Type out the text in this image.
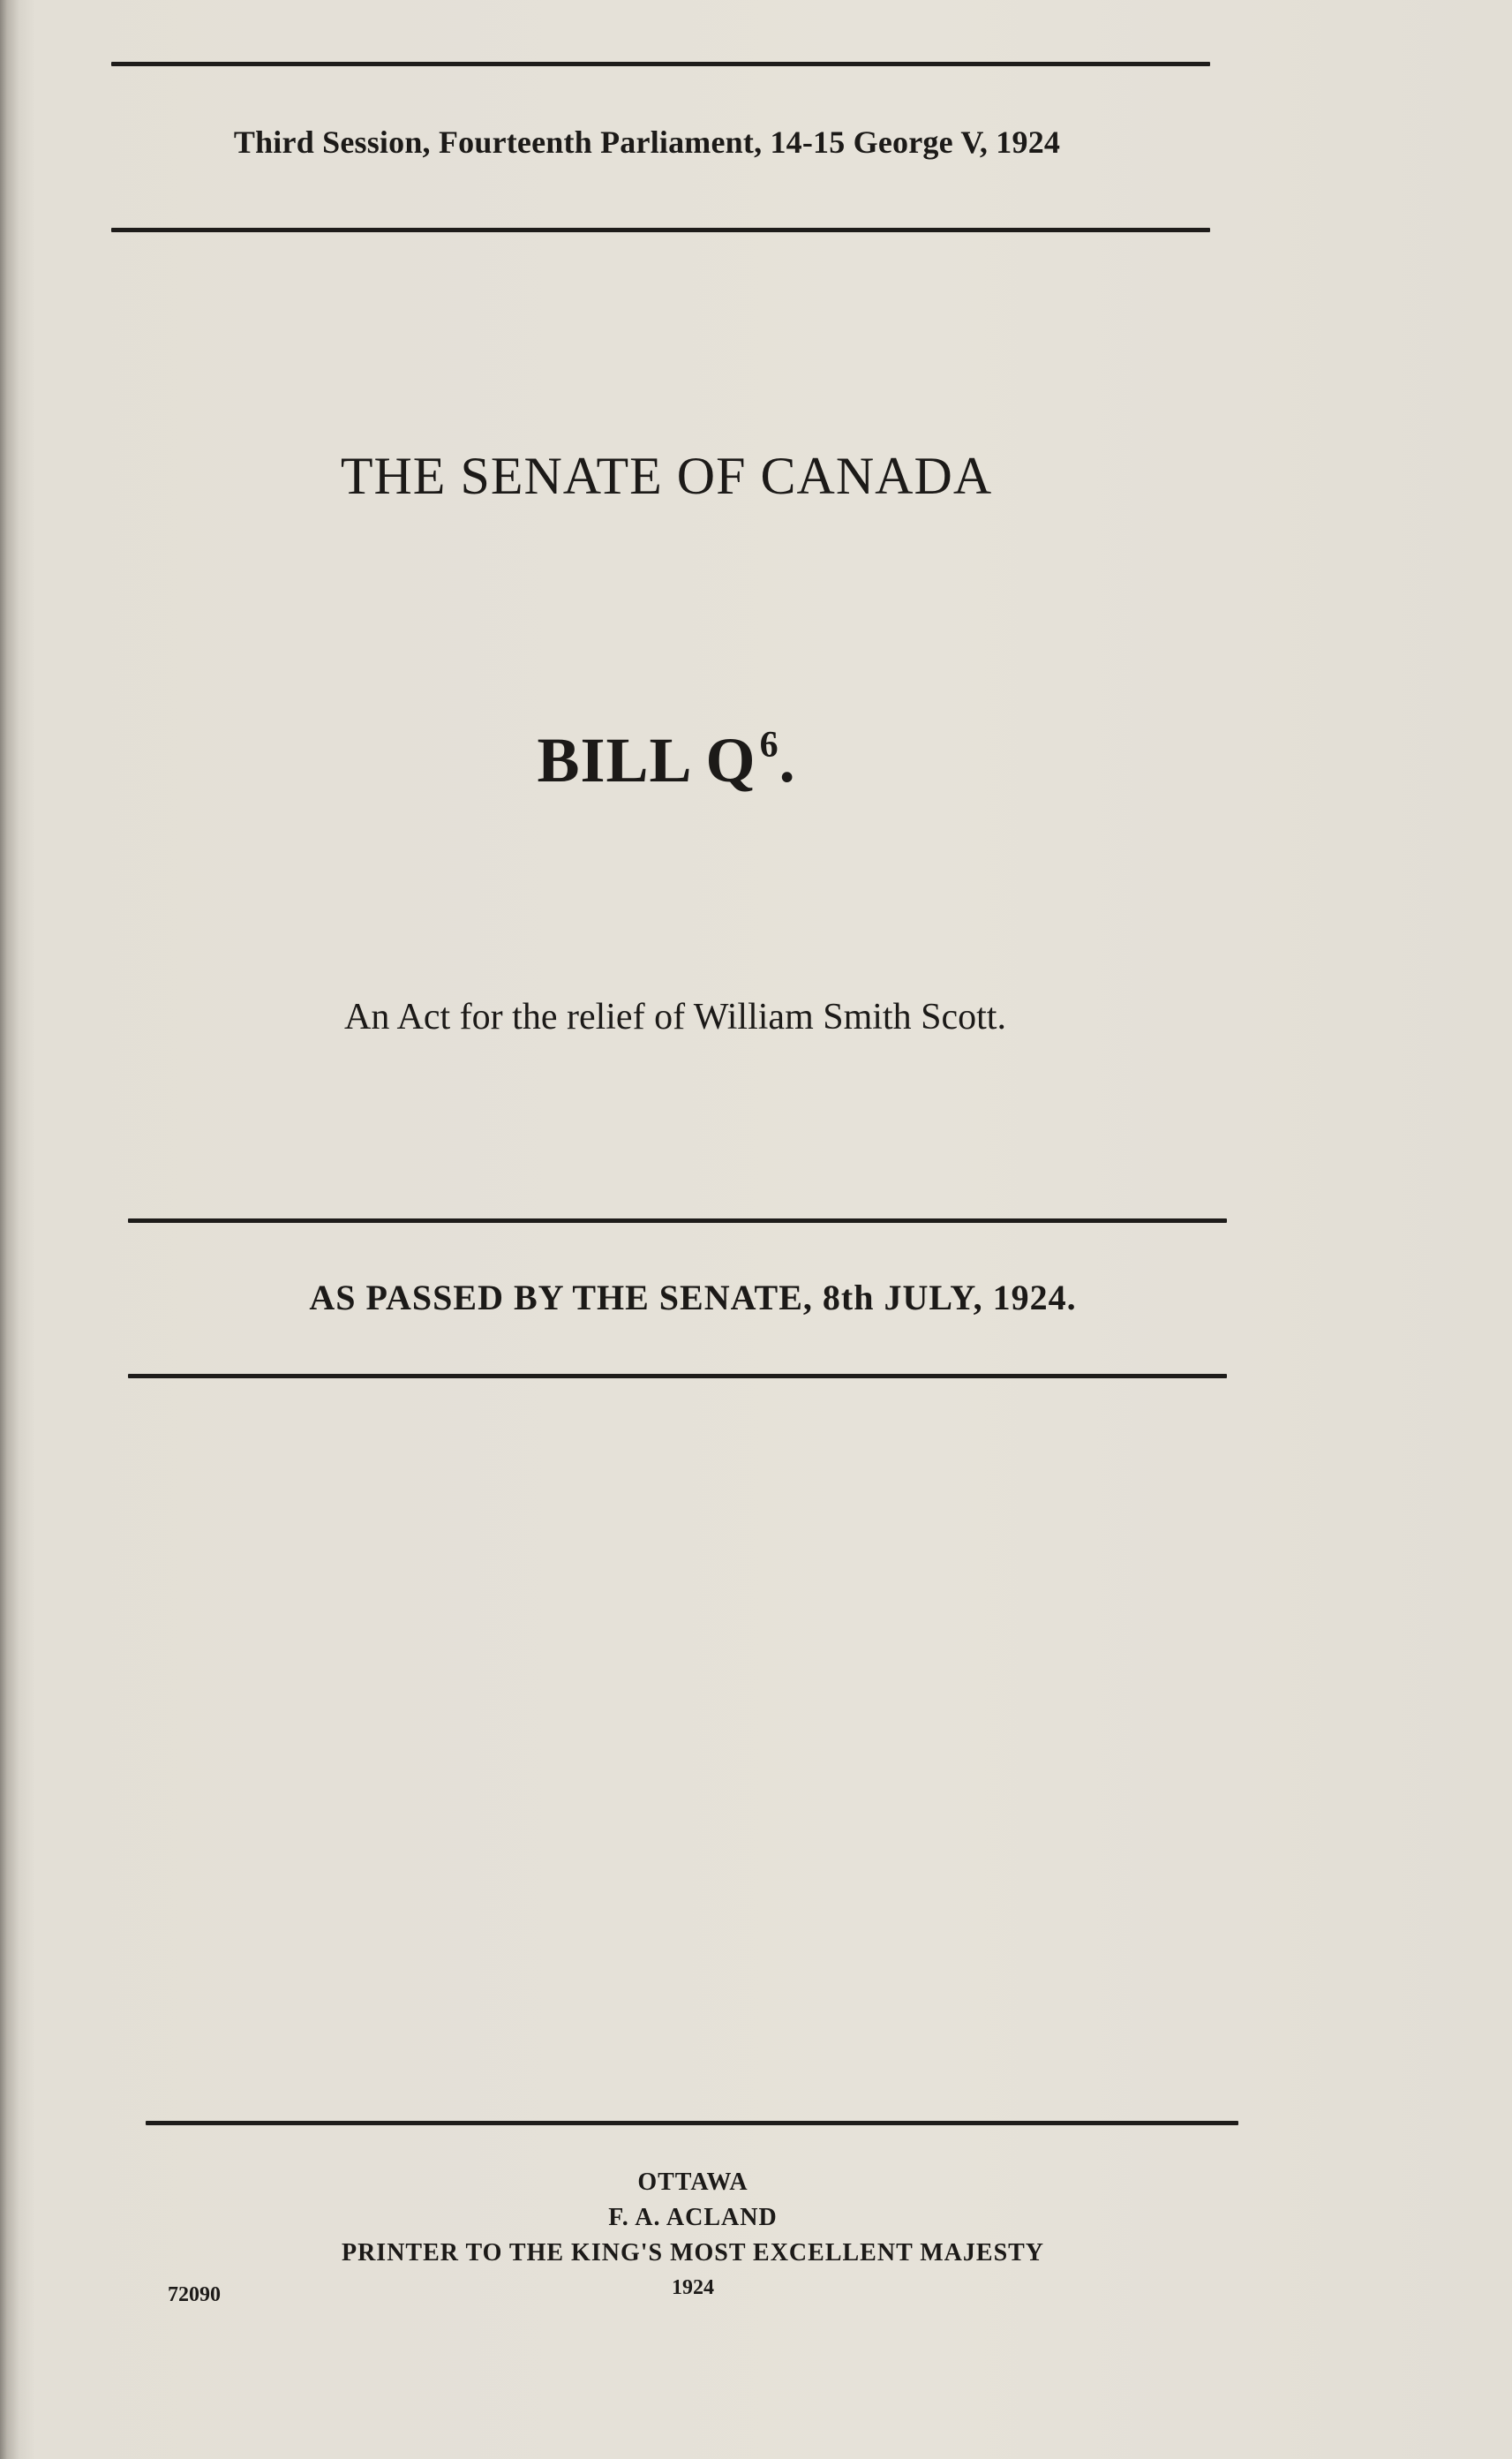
Third Session, Fourteenth Parliament, 14-15 George V, 1924
THE SENATE OF CANADA
BILL $Q^6$.
An Act for the relief of William Smith Scott.
AS PASSED BY THE SENATE, 8th JULY, 1924.
OTTAWA
F. A. ACLAND
PRINTER TO THE KING'S MOST EXCELLENT MAJESTY
1924
72090
